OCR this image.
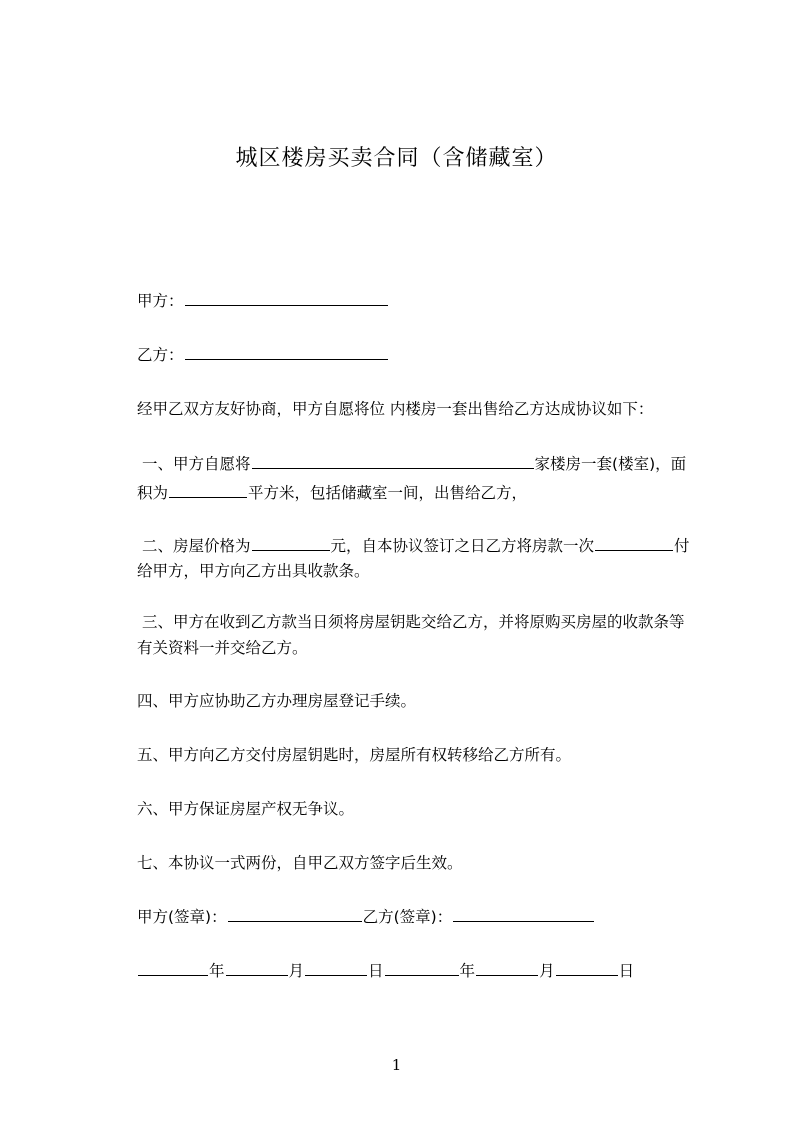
城区楼房买卖合同（含储藏室）
甲方：
乙方：
经甲乙双方友好协商，甲方自愿将位 内楼房一套出售给乙方达成协议如下：
一、甲方自愿将	家楼房一套(楼室)，面
积为	平方米，包括储藏室一间，出售给乙方，
二、房屋价格为	元，自本协议签订之日乙方将房款一次	付
给甲方，甲方向乙方出具收款条。
三、甲方在收到乙方款当日须将房屋钥匙交给乙方，并将原购买房屋的收款条等
有关资料一并交给乙方。
四、甲方应协助乙方办理房屋登记手续。
五、甲方向乙方交付房屋钥匙时，房屋所有权转移给乙方所有。
六、甲方保证房屋产权无争议。
七、本协议一式两份，自甲乙双方签字后生效。
甲方(签章)：	乙方(签章)：
年	月	日	年	月	日
1
